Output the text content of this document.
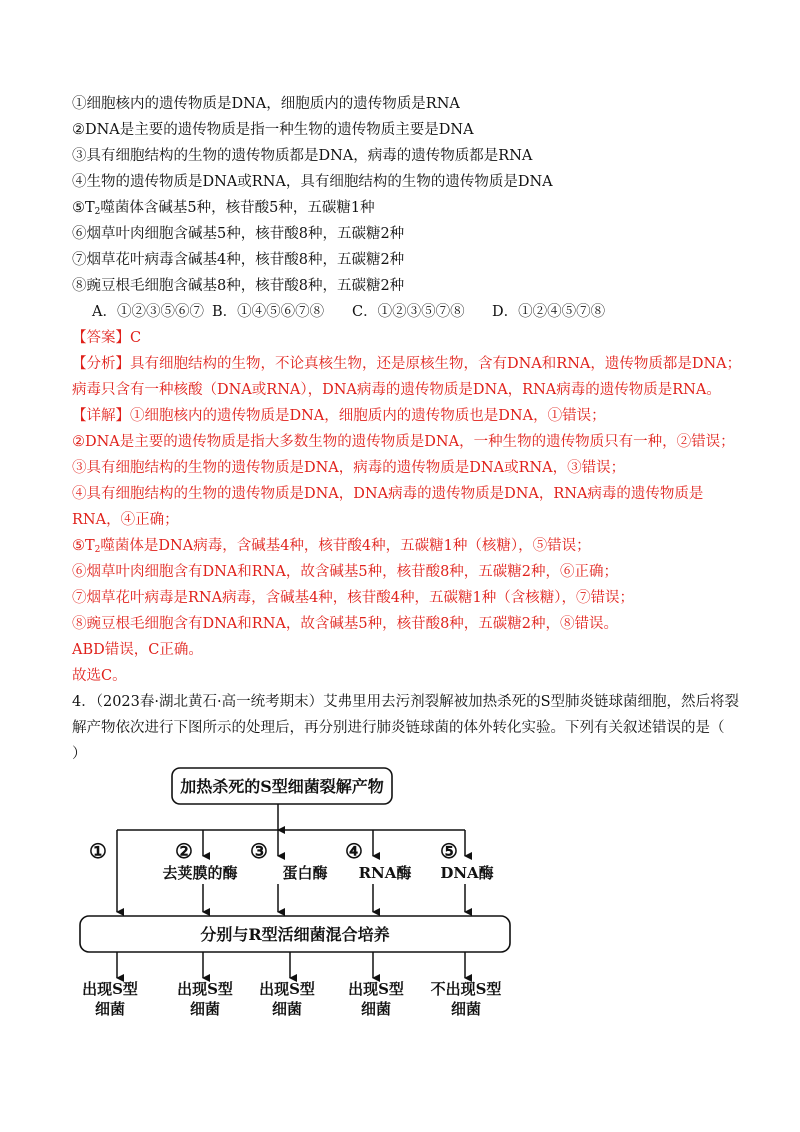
①细胞核内的遗传物质是DNA，细胞质内的遗传物质是RNA
②DNA是主要的遗传物质是指一种生物的遗传物质主要是DNA
③具有细胞结构的生物的遗传物质都是DNA，病毒的遗传物质都是RNA
④生物的遗传物质是DNA或RNA，具有细胞结构的生物的遗传物质是DNA
$⑤T_2$噬菌体含碱基5种，核苷酸5种，五碳糖1种
⑥烟草叶肉细胞含碱基5种，核苷酸8种，五碳糖2种
⑦烟草花叶病毒含碱基4种，核苷酸8种，五碳糖2种
⑧豌豆根毛细胞含碱基8种，核苷酸8种，五碳糖2种
A．①②③⑤⑥⑦ B．①④⑤⑥⑦⑧ C．①②③⑤⑦⑧ D．①②④⑤⑦⑧
【答案】C
【分析】具有细胞结构的生物，不论真核生物，还是原核生物，含有DNA和RNA，遗传物质都是DNA；
病毒只含有一种核酸（DNA或RNA），DNA病毒的遗传物质是DNA，RNA病毒的遗传物质是RNA。
【详解】①细胞核内的遗传物质是DNA，细胞质内的遗传物质也是DNA，①错误；
②DNA是主要的遗传物质是指大多数生物的遗传物质是DNA，一种生物的遗传物质只有一种，②错误；
③具有细胞结构的生物的遗传物质是DNA，病毒的遗传物质是DNA或RNA，③错误；
④具有细胞结构的生物的遗传物质是DNA，DNA病毒的遗传物质是DNA，RNA病毒的遗传物质是
RNA，④正确；
$⑤T_2$噬菌体是DNA病毒，含碱基4种，核苷酸4种，五碳糖1种（核糖），⑤错误；
⑥烟草叶肉细胞含有DNA和RNA，故含碱基5种，核苷酸8种，五碳糖2种，⑥正确；
⑦烟草花叶病毒是RNA病毒，含碱基4种，核苷酸4种，五碳糖1种（含核糖），⑦错误；
⑧豌豆根毛细胞含有DNA和RNA，故含碱基5种，核苷酸8种，五碳糖2种，⑧错误。
ABD错误，C正确。
故选C。
4．（2023春·湖北黄石·高一统考期末）艾弗里用去污剂裂解被加热杀死的S型肺炎链球菌细胞，然后将裂
解产物依次进行下图所示的处理后，再分别进行肺炎链球菌的体外转化实验。下列有关叙述错误的是（
）
加热杀死的S型细菌裂解产物
①	②	③	④	⑤
去荚膜的酶	蛋白酶 RNA酶 DNA酶
分别与R型活细菌混合培养
出现S型
细菌
出现S型
细菌
出现S型
细菌
出现S型
细菌
不出现S型
细菌
